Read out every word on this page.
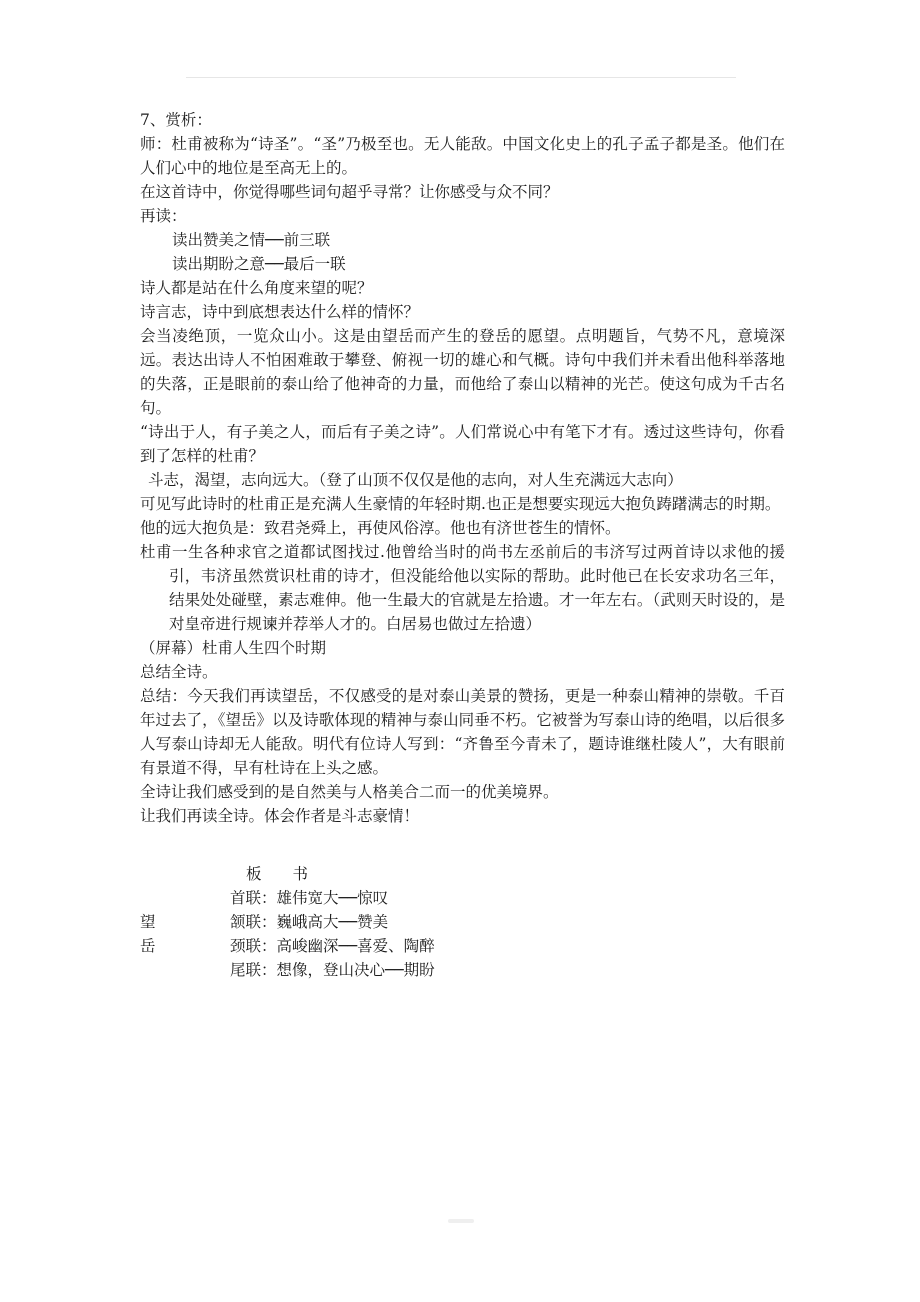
7、赏析：
师：杜甫被称为“诗圣”。“圣”乃极至也。无人能敌。中国文化史上的孔子孟子都是圣。他们在人们心中的地位是至高无上的。
在这首诗中，你觉得哪些词句超乎寻常？让你感受与众不同？
再读：
读出赞美之情──前三联
读出期盼之意──最后一联
诗人都是站在什么角度来望的呢？
诗言志，诗中到底想表达什么样的情怀？
会当凌绝顶，一览众山小。这是由望岳而产生的登岳的愿望。点明题旨，气势不凡，意境深远。表达出诗人不怕困难敢于攀登、俯视一切的雄心和气概。诗句中我们并未看出他科举落地的失落，正是眼前的泰山给了他神奇的力量，而他给了泰山以精神的光芒。使这句成为千古名句。
“诗出于人，有子美之人，而后有子美之诗”。人们常说心中有笔下才有。透过这些诗句，你看到了怎样的杜甫？
斗志，渴望，志向远大。（登了山顶不仅仅是他的志向，对人生充满远大志向）
可见写此诗时的杜甫正是充满人生豪情的年轻时期.也正是想要实现远大抱负踌躇满志的时期。
他的远大抱负是：致君尧舜上，再使风俗淳。他也有济世苍生的情怀。
杜甫一生各种求官之道都试图找过.他曾给当时的尚书左丞前后的韦济写过两首诗以求他的援引，韦济虽然赏识杜甫的诗才，但没能给他以实际的帮助。此时他已在长安求功名三年，结果处处碰壁，素志难伸。他一生最大的官就是左拾遗。才一年左右。（武则天时设的，是对皇帝进行规谏并荐举人才的。白居易也做过左拾遗）
（屏幕）杜甫人生四个时期
总结全诗。
总结：今天我们再读望岳，不仅感受的是对泰山美景的赞扬，更是一种泰山精神的崇敬。千百年过去了，《望岳》以及诗歌体现的精神与泰山同垂不朽。它被誉为写泰山诗的绝唱，以后很多人写泰山诗却无人能敌。明代有位诗人写到：“齐鲁至今青未了，题诗谁继杜陵人”，大有眼前有景道不得，早有杜诗在上头之感。
全诗让我们感受到的是自然美与人格美合二而一的优美境界。
让我们再读全诗。体会作者是斗志豪情！
板　　书
首联：雄伟宽大──惊叹
望	颔联：巍峨高大──赞美
岳	颈联：高峻幽深──喜爱、陶醉
尾联：想像，登山决心──期盼
